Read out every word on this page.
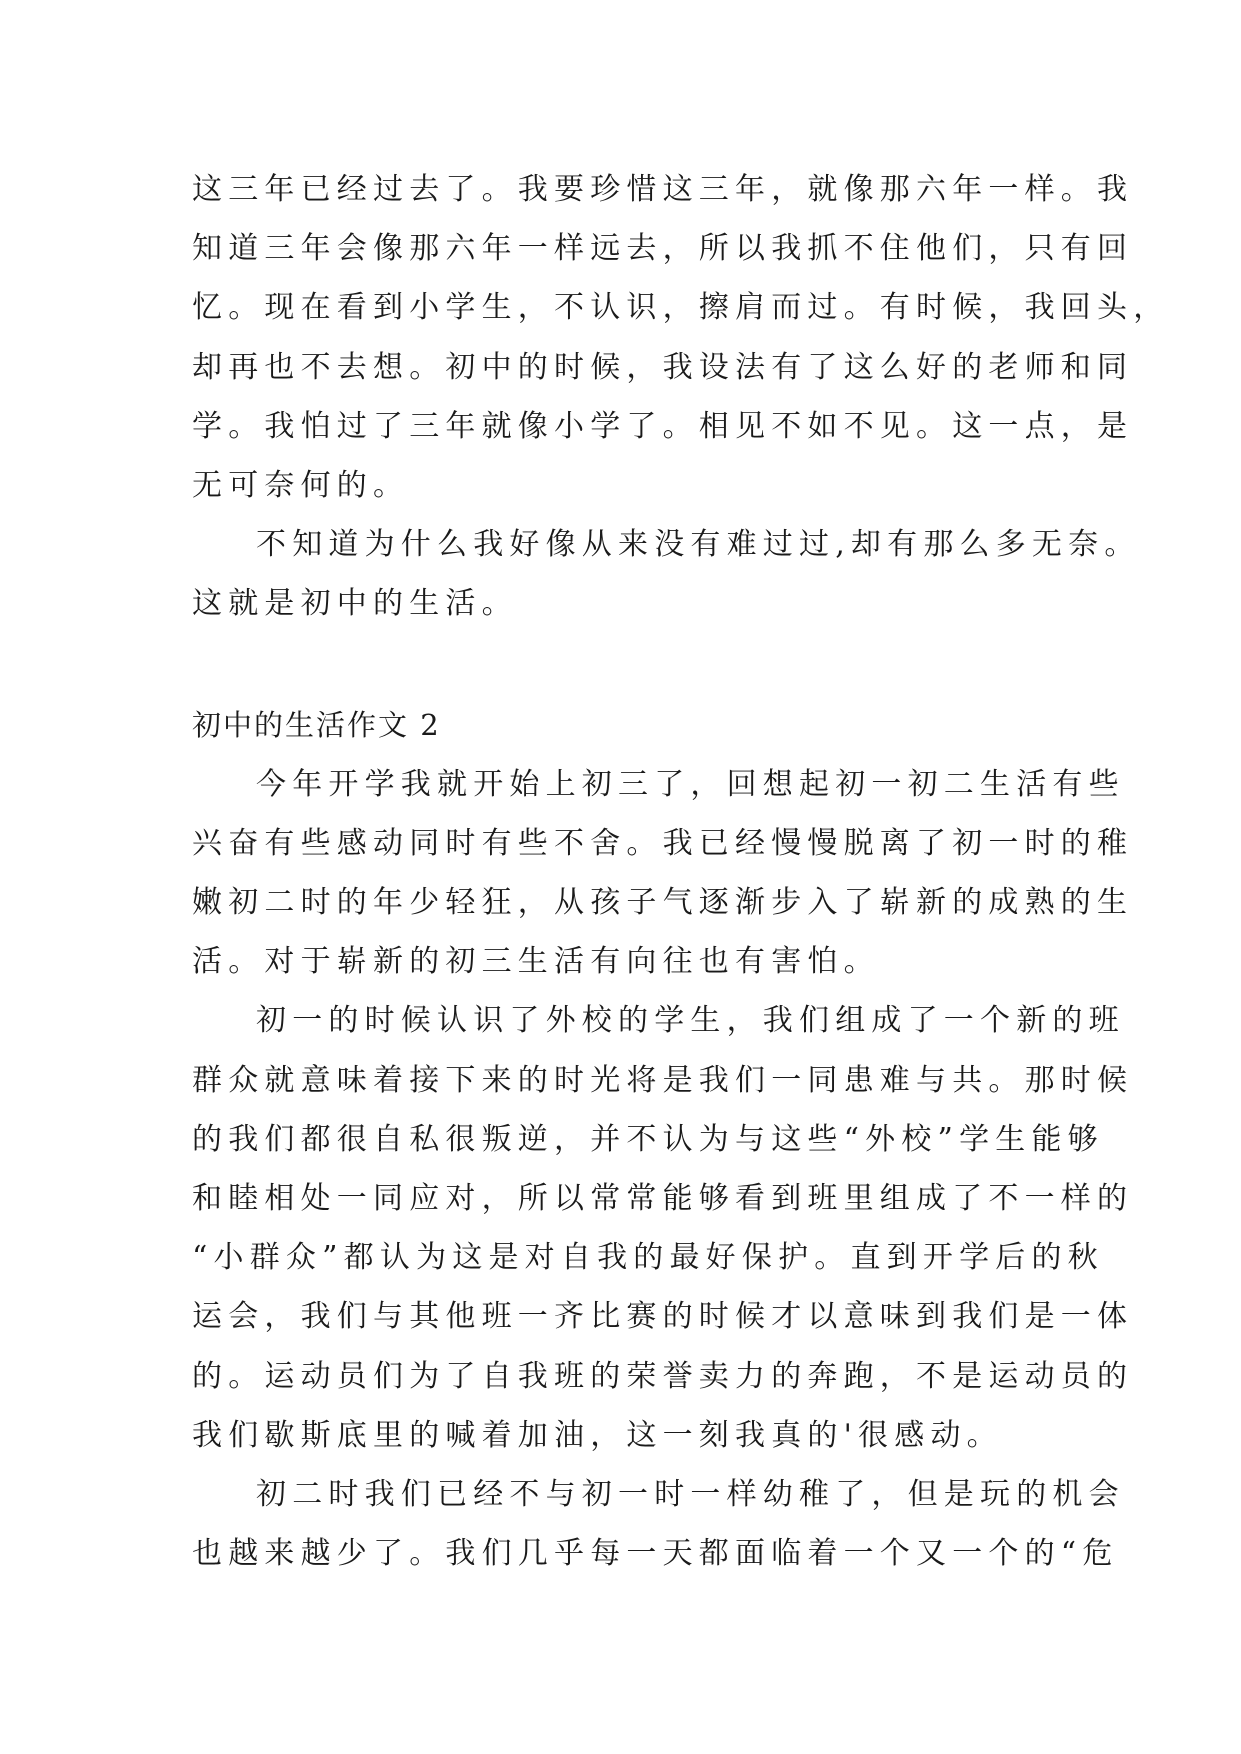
这三年已经过去了。我要珍惜这三年，就像那六年一样。我
知道三年会像那六年一样远去，所以我抓不住他们，只有回
忆。现在看到小学生，不认识，擦肩而过。有时候，我回头，
却再也不去想。初中的时候，我设法有了这么好的老师和同
学。我怕过了三年就像小学了。相见不如不见。这一点，是
无可奈何的。
不知道为什么我好像从来没有难过过,却有那么多无奈。
这就是初中的生活。
初中的生活作文 2
今年开学我就开始上初三了，回想起初一初二生活有些
兴奋有些感动同时有些不舍。我已经慢慢脱离了初一时的稚
嫩初二时的年少轻狂，从孩子气逐渐步入了崭新的成熟的生
活。对于崭新的初三生活有向往也有害怕。
初一的时候认识了外校的学生，我们组成了一个新的班
群众就意味着接下来的时光将是我们一同患难与共。那时候
的我们都很自私很叛逆，并不认为与这些“外校”学生能够
和睦相处一同应对，所以常常能够看到班里组成了不一样的
“小群众”都认为这是对自我的最好保护。直到开学后的秋
运会，我们与其他班一齐比赛的时候才以意味到我们是一体
的。运动员们为了自我班的荣誉卖力的奔跑，不是运动员的
我们歇斯底里的喊着加油，这一刻我真的'很感动。
初二时我们已经不与初一时一样幼稚了，但是玩的机会
也越来越少了。我们几乎每一天都面临着一个又一个的“危
